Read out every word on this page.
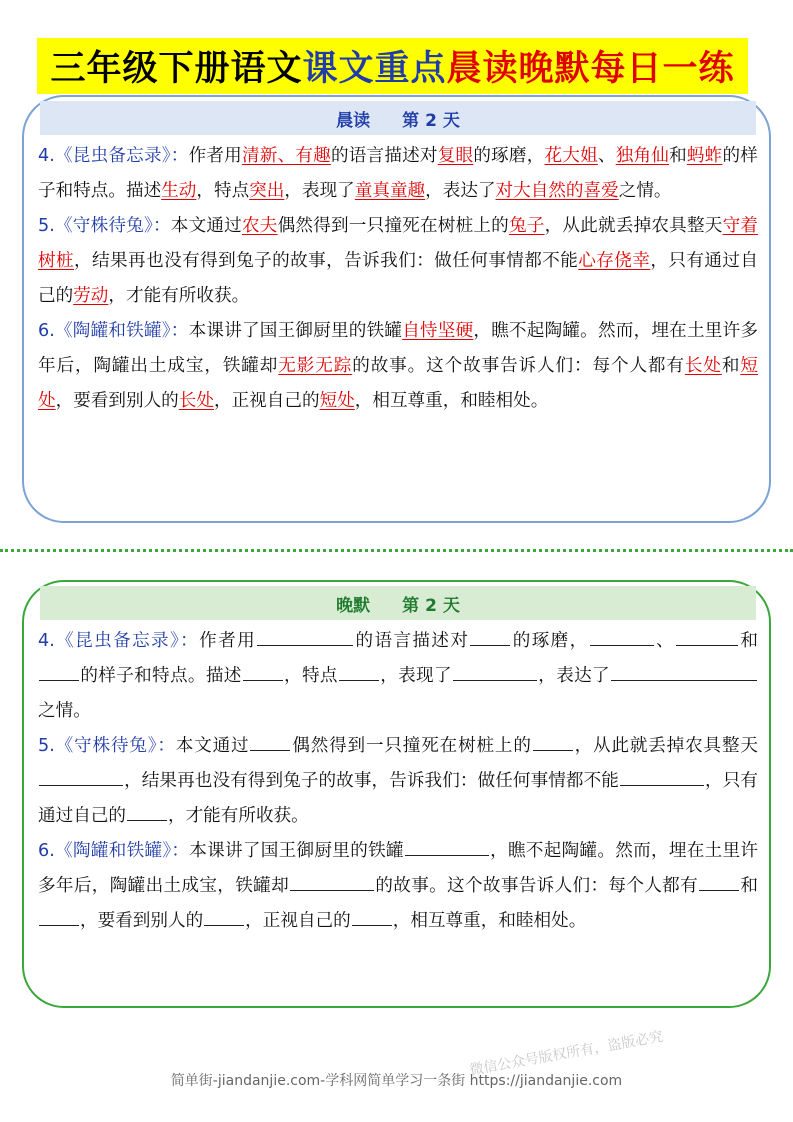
三年级下册语文 课文重点 晨读晚默每日一练
晨读 第 2 天

4.《昆虫备忘录》：作者用清新、有趣的语言描述对复眼的琢磨，花大姐、独角仙和蚂蚱的样子和特点。描述生动，特点突出，表现了童真童趣，表达了对大自然的喜爱之情。

5.《守株待兔》：本文通过农夫偶然得到一只撞死在树桩上的兔子，从此就丢掉农具整天守着树桩，结果再也没有得到兔子的故事，告诉我们：做任何事情都不能心存侥幸，只有通过自己的劳动，才能有所收获。

6.《陶罐和铁罐》：本课讲了国王御厨里的铁罐自恃坚硬，瞧不起陶罐。然而，埋在土里许多年后，陶罐出土成宝，铁罐却无影无踪的故事。这个故事告诉人们：每个人都有长处和短处，要看到别人的长处，正视自己的短处，相互尊重，和睦相处。

晚默 第 2 天

4.《昆虫备忘录》：作者用	的语言描述对 的琢磨，	、	和的样子和特点。描述 ，特点 ，表现了	，表达了之情。

5.《守株待兔》：本文通过 偶然得到一只撞死在树桩上的 ，从此就丢掉农具整天，结果再也没有得到兔子的故事，告诉我们：做任何事情都不能	，只有通过自己的 ，才能有所收获。

6.《陶罐和铁罐》：本课讲了国王御厨里的铁罐	，瞧不起陶罐。然而，埋在土里许多年后，陶罐出土成宝，铁罐却	的故事。这个故事告诉人们：每个人都有 和，要看到别人的 ，正视自己的 ，相互尊重，和睦相处。

简单街-jiandanjie.com-学科网简单学习一条街 https://jiandanjie.com
微信公众号版权所有，盗版必究
